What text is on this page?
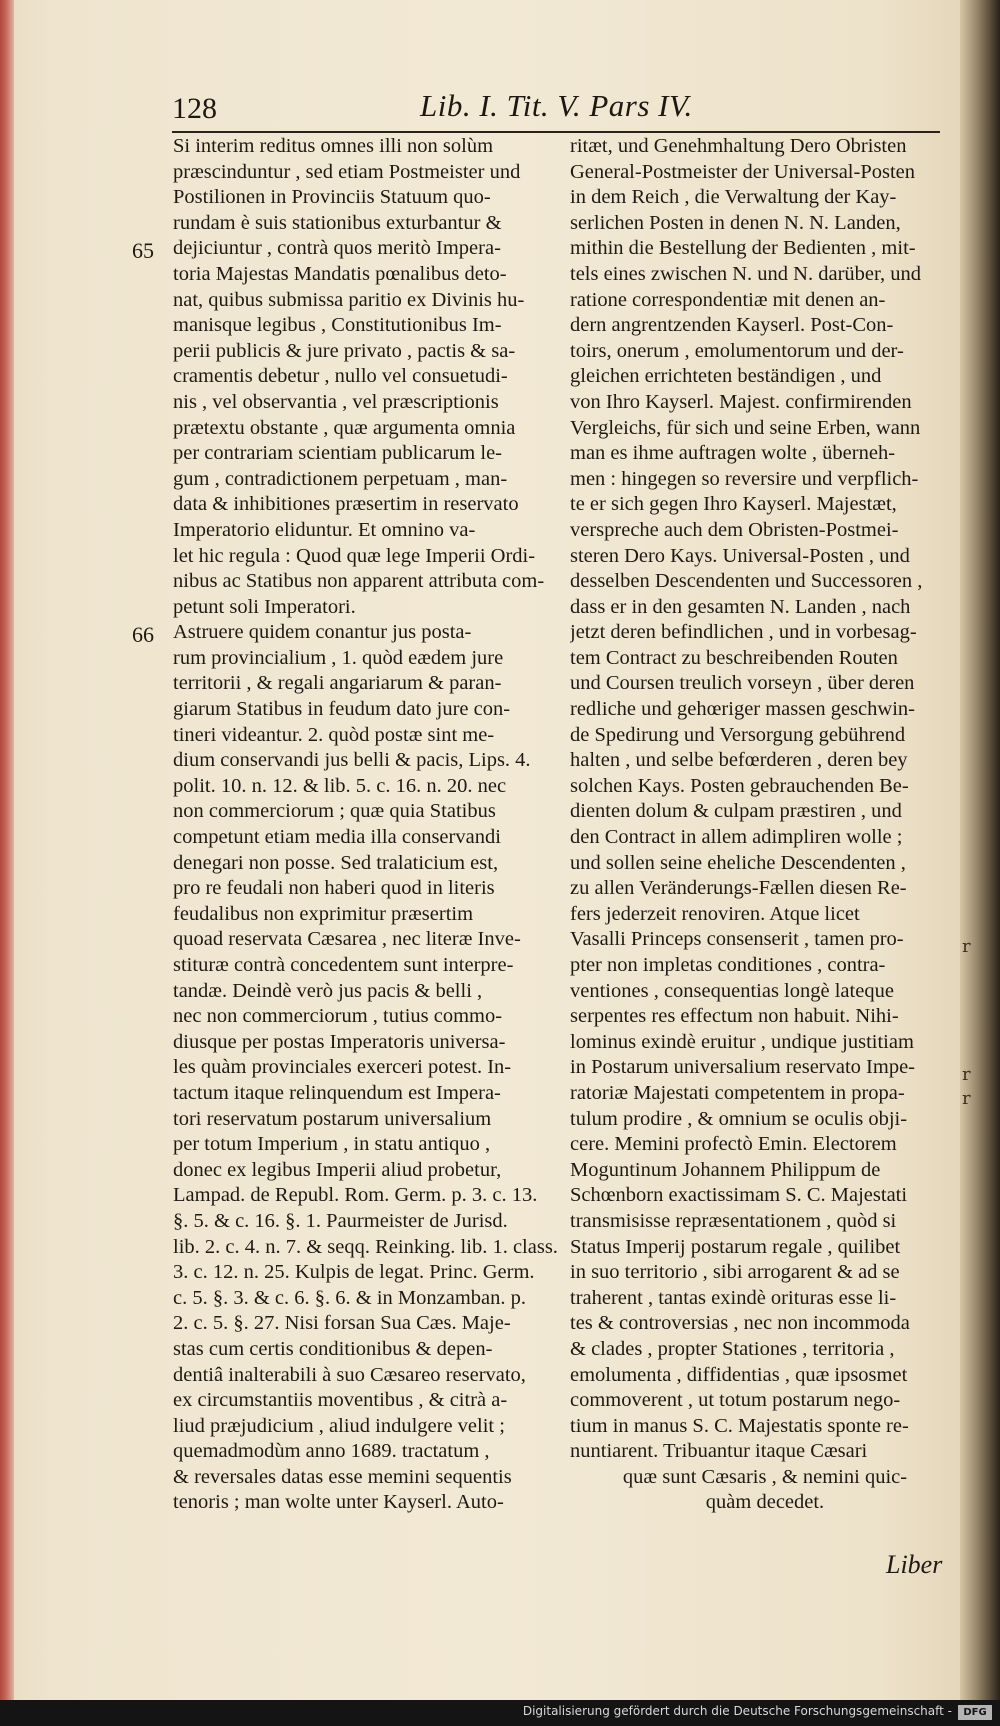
128	Lib. I. Tit. V. Pars IV.
65
66
Si interim reditus omnes illi non solùm
præscinduntur , sed etiam Postmeister und
Postilionen in Provinciis Statuum quo-
rundam è suis stationibus exturbantur &
dejiciuntur , contrà quos meritò Impera-
toria Majestas Mandatis pœnalibus deto-
nat, quibus submissa paritio ex Divinis hu-
manisque legibus , Constitutionibus Im-
perii publicis & jure privato , pactis & sa-
cramentis debetur , nullo vel consuetudi-
nis , vel observantia , vel præscriptionis
prætextu obstante , quæ argumenta omnia
per contrariam scientiam publicarum le-
gum , contradictionem perpetuam , man-
data & inhibitiones præsertim in reservato
Imperatorio eliduntur. Et omnino va-
let hic regula : Quod quæ lege Imperii Ordi-
nibus ac Statibus non apparent attributa com-
petunt soli Imperatori.
Astruere quidem conantur jus posta-
rum provincialium , 1. quòd eædem jure
territorii , & regali angariarum & paran-
giarum Statibus in feudum dato jure con-
tineri videantur. 2. quòd postæ sint me-
dium conservandi jus belli & pacis, Lips. 4.
polit. 10. n. 12. & lib. 5. c. 16. n. 20. nec
non commerciorum ; quæ quia Statibus
competunt etiam media illa conservandi
denegari non posse. Sed tralaticium est,
pro re feudali non haberi quod in literis
feudalibus non exprimitur præsertim
quoad reservata Cæsarea , nec literæ Inve-
stituræ contrà concedentem sunt interpre-
tandæ. Deindè verò jus pacis & belli ,
nec non commerciorum , tutius commo-
diusque per postas Imperatoris universa-
les quàm provinciales exerceri potest. In-
tactum itaque relinquendum est Impera-
tori reservatum postarum universalium
per totum Imperium , in statu antiquo ,
donec ex legibus Imperii aliud probetur,
Lampad. de Republ. Rom. Germ. p. 3. c. 13.
§. 5. & c. 16. §. 1. Paurmeister de Jurisd.
lib. 2. c. 4. n. 7. & seqq. Reinking. lib. 1. class.
3. c. 12. n. 25. Kulpis de legat. Princ. Germ.
c. 5. §. 3. & c. 6. §. 6. & in Monzamban. p.
2. c. 5. §. 27. Nisi forsan Sua Cæs. Maje-
stas cum certis conditionibus & depen-
dentiâ inalterabili à suo Cæsareo reservato,
ex circumstantiis moventibus , & citrà a-
liud præjudicium , aliud indulgere velit ;
quemadmodùm anno 1689. tractatum ,
& reversales datas esse memini sequentis
tenoris ; man wolte unter Kayserl. Auto-
ritæt, und Genehmhaltung Dero Obristen
General-Postmeister der Universal-Posten
in dem Reich , die Verwaltung der Kay-
serlichen Posten in denen N. N. Landen,
mithin die Bestellung der Bedienten , mit-
tels eines zwischen N. und N. darüber, und
ratione correspondentiæ mit denen an-
dern angrentzenden Kayserl. Post-Con-
toirs, onerum , emolumentorum und der-
gleichen errichteten beständigen , und
von Ihro Kayserl. Majest. confirmirenden
Vergleichs, für sich und seine Erben, wann
man es ihme auftragen wolte , überneh-
men : hingegen so reversire und verpflich-
te er sich gegen Ihro Kayserl. Majestæt,
verspreche auch dem Obristen-Postmei-
steren Dero Kays. Universal-Posten , und
desselben Descendenten und Successoren ,
dass er in den gesamten N. Landen , nach
jetzt deren befindlichen , und in vorbesag-
tem Contract zu beschreibenden Routen
und Coursen treulich vorseyn , über deren
redliche und gehœriger massen geschwin-
de Spedirung und Versorgung gebührend
halten , und selbe befœrderen , deren bey
solchen Kays. Posten gebrauchenden Be-
dienten dolum & culpam præstiren , und
den Contract in allem adimpliren wolle ;
und sollen seine eheliche Descendenten ,
zu allen Veränderungs-Fællen diesen Re-
fers jederzeit renoviren. Atque licet
Vasalli Princeps consenserit , tamen pro-
pter non impletas conditiones , contra-
ventiones , consequentias longè lateque
serpentes res effectum non habuit. Nihi-
lominus exindè eruitur , undique justitiam
in Postarum universalium reservato Impe-
ratoriæ Majestati competentem in propa-
tulum prodire , & omnium se oculis obji-
cere. Memini profectò Emin. Electorem
Moguntinum Johannem Philippum de
Schœnborn exactissimam S. C. Majestati
transmisisse repræsentationem , quòd si
Status Imperij postarum regale , quilibet
in suo territorio , sibi arrogarent & ad se
traherent , tantas exindè orituras esse li-
tes & controversias , nec non incommoda
& clades , propter Stationes , territoria ,
emolumenta , diffidentias , quæ ipsosmet
commoverent , ut totum postarum nego-
tium in manus S. C. Majestatis sponte re-
nuntiarent. Tribuantur itaque Cæsari
quæ sunt Cæsaris , & nemini quic-
quàm decedet.
Liber
r
r
r
Digitalisierung gefördert durch die Deutsche Forschungsgemeinschaft -	DFG
